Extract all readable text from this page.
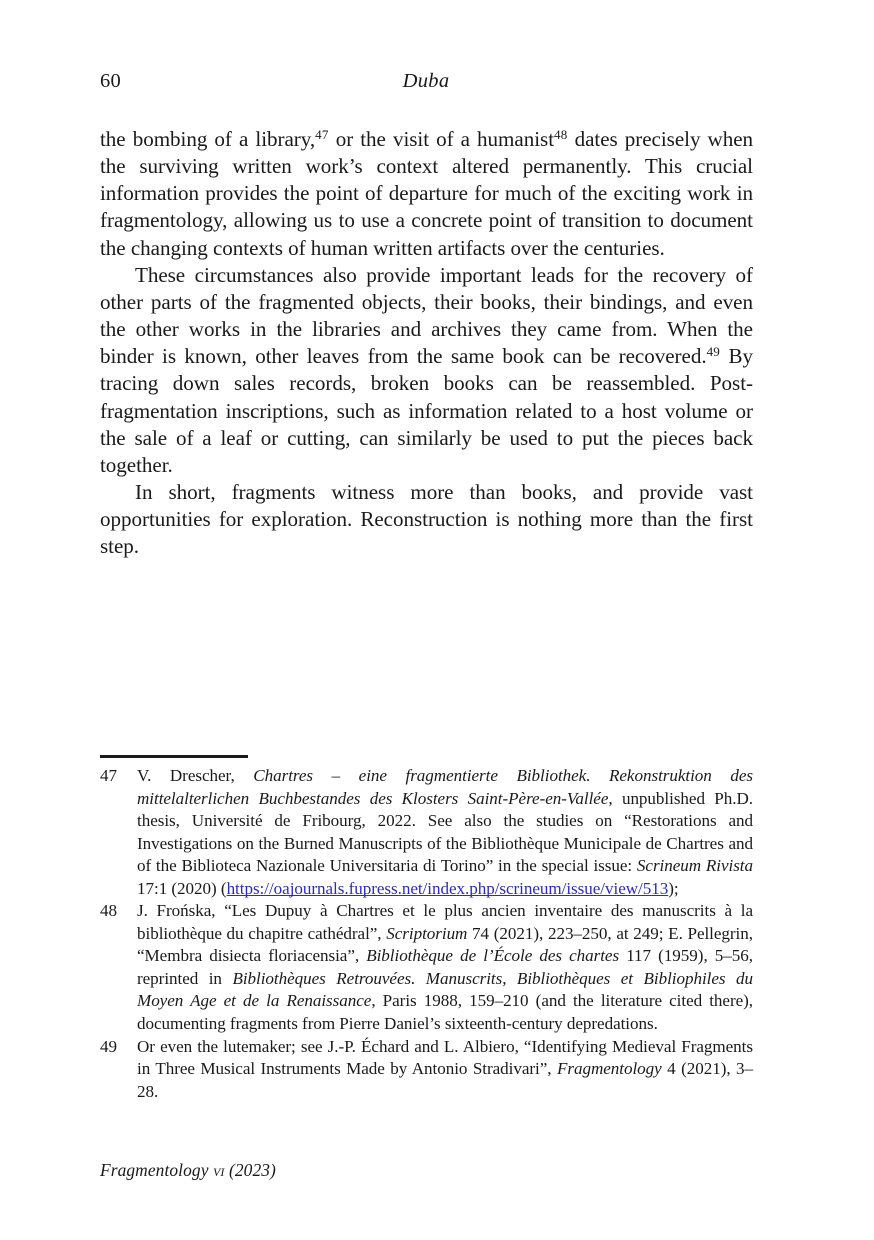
60	Duba

the bombing of a library,$^{47}$ or the visit of a humanist$^{48}$ dates precisely when the surviving written work’s context altered permanently. This crucial information provides the point of departure for much of the exciting work in fragmentology, allowing us to use a concrete point of transition to document the changing contexts of human written artifacts over the centuries.

These circumstances also provide important leads for the recovery of other parts of the fragmented objects, their books, their bindings, and even the other works in the libraries and archives they came from. When the binder is known, other leaves from the same book can be recovered.$^{49}$ By tracing down sales records, broken books can be reassembled. Post-fragmentation inscriptions, such as information related to a host volume or the sale of a leaf or cutting, can similarly be used to put the pieces back together.

In short, fragments witness more than books, and provide vast opportunities for exploration. Reconstruction is nothing more than the first step.

47	V. Drescher, Chartres – eine fragmentierte Bibliothek. Rekonstruktion des mittelalterlichen Buchbestandes des Klosters Saint-Père-en-Vallée, unpublished Ph.D. thesis, Université de Fribourg, 2022. See also the studies on “Restorations and Investigations on the Burned Manuscripts of the Bibliothèque Municipale de Chartres and of the Biblioteca Nazionale Universitaria di Torino” in the special issue: Scrineum Rivista 17:1 (2020) (https://oajournals.fupress.net/index.php/scrineum/issue/view/513);
48	J. Frońska, “Les Dupuy à Chartres et le plus ancien inventaire des manuscrits à la bibliothèque du chapitre cathédral”, Scriptorium 74 (2021), 223–250, at 249; E. Pellegrin, “Membra disiecta floriacensia”, Bibliothèque de l’École des chartes 117 (1959), 5–56, reprinted in Bibliothèques Retrouvées. Manuscrits, Bibliothèques et Bibliophiles du Moyen Age et de la Renaissance, Paris 1988, 159–210 (and the literature cited there), documenting fragments from Pierre Daniel’s sixteenth-century depredations.
49	Or even the lutemaker; see J.-P. Échard and L. Albiero, “Identifying Medieval Fragments in Three Musical Instruments Made by Antonio Stradivari”, Fragmentology 4 (2021), 3–28.
Fragmentology vi (2023)
